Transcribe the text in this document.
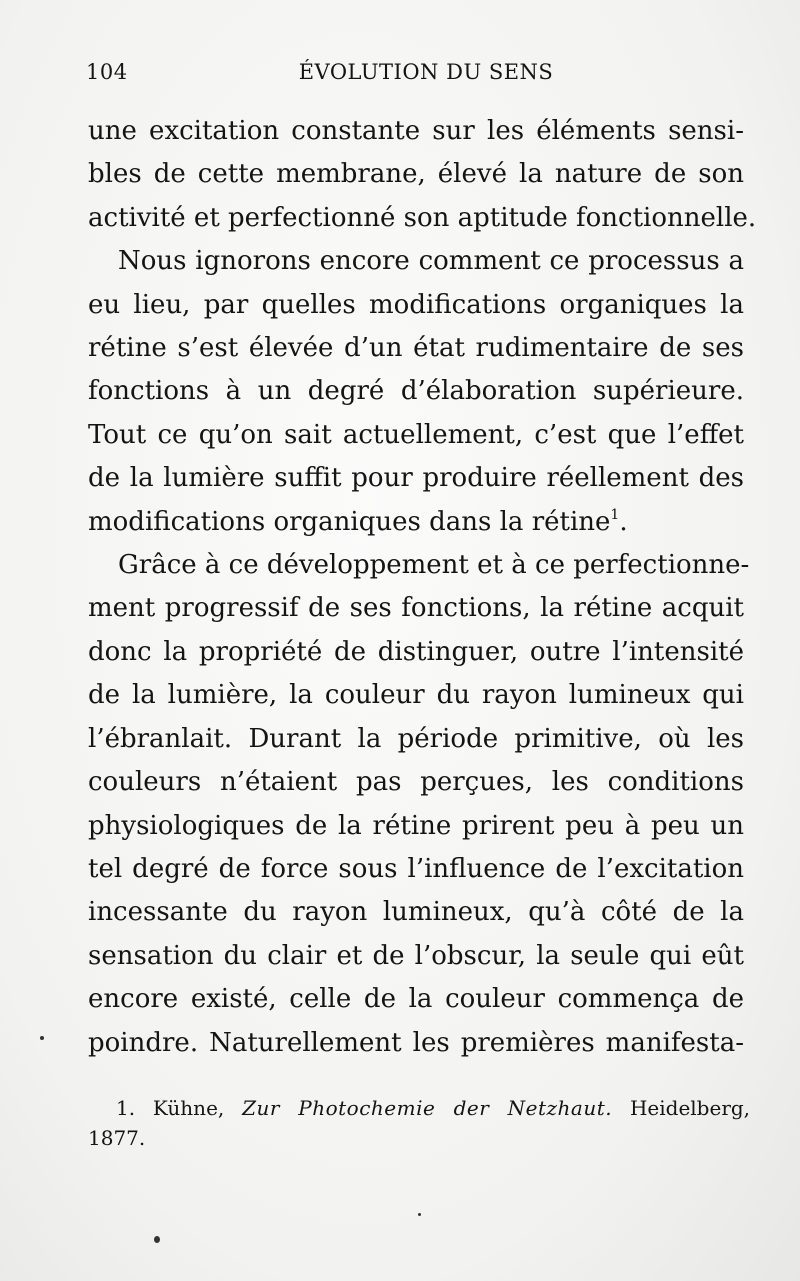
104	ÉVOLUTION DU SENS
une excitation constante sur les éléments sensi-
bles de cette membrane, élevé la nature de son
activité et perfectionné son aptitude fonctionnelle.
Nous ignorons encore comment ce processus a
eu lieu, par quelles modifications organiques la
rétine s’est élevée d’un état rudimentaire de ses
fonctions à un degré d’élaboration supérieure.
Tout ce qu’on sait actuellement, c’est que l’effet
de la lumière suffit pour produire réellement des
modifications organiques dans la rétine$^1$.
Grâce à ce développement et à ce perfectionne-
ment progressif de ses fonctions, la rétine acquit
donc la propriété de distinguer, outre l’intensité
de la lumière, la couleur du rayon lumineux qui
l’ébranlait. Durant la période primitive, où les
couleurs n’étaient pas perçues, les conditions
physiologiques de la rétine prirent peu à peu un
tel degré de force sous l’influence de l’excitation
incessante du rayon lumineux, qu’à côté de la
sensation du clair et de l’obscur, la seule qui eût
encore existé, celle de la couleur commença de
poindre. Naturellement les premières manifesta-
1. Kühne, Zur Photochemie der Netzhaut. Heidelberg,
1877.
